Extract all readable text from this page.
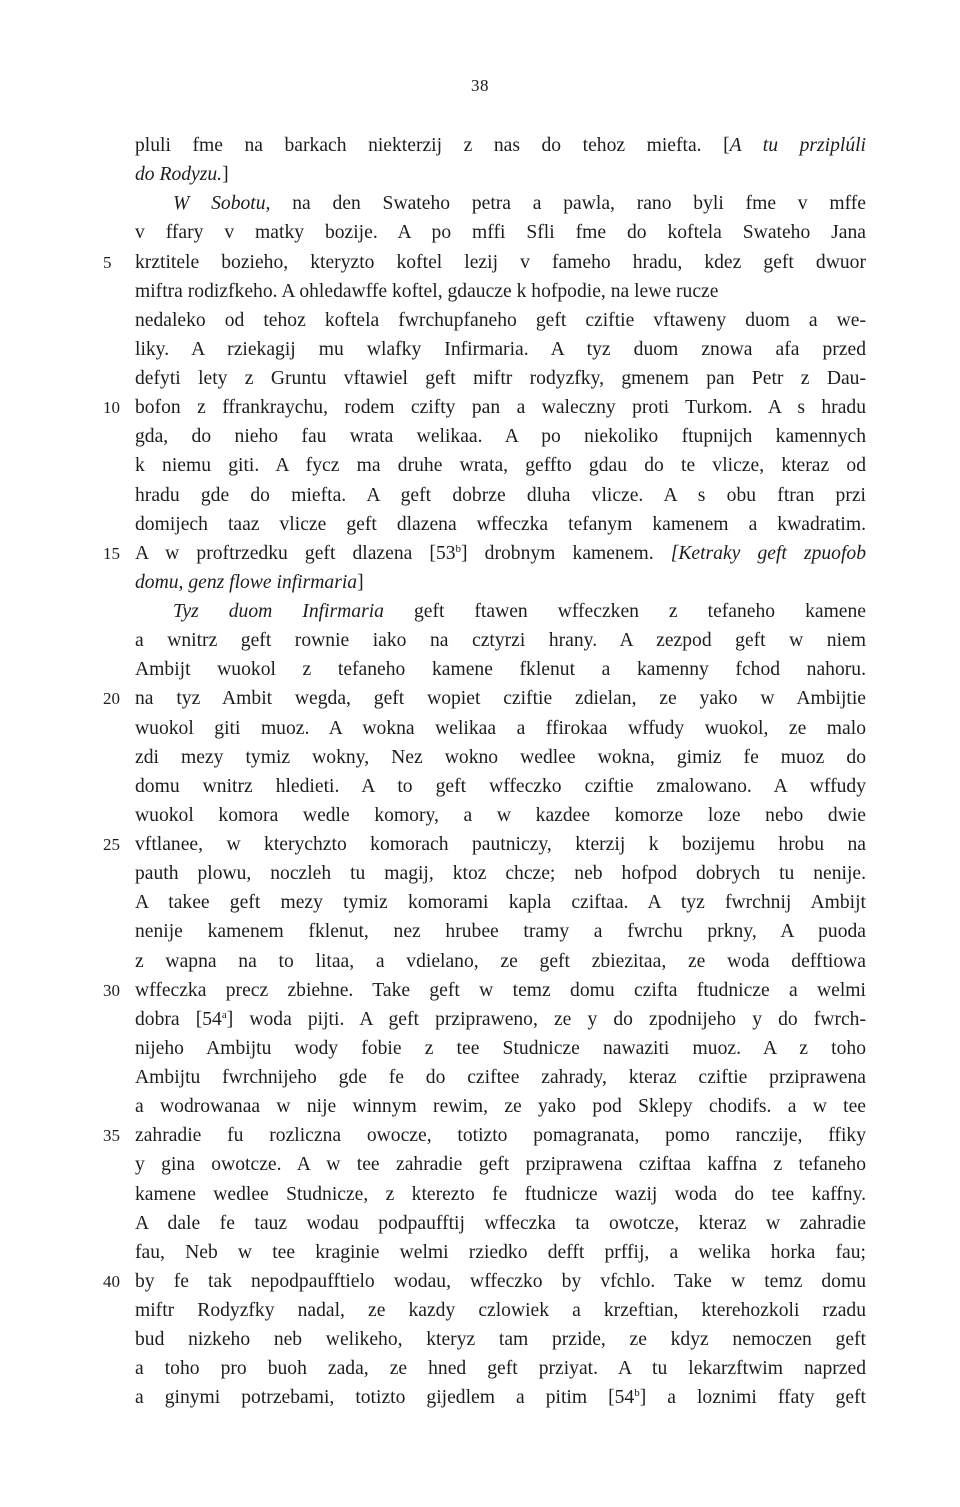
38
pluli fme na barkach niekterzij z nas do tehoz miefta. [A tu prziplúli
do Rodyzu.]
W Sobotu, na den Swateho petra a pawla, rano byli fme v mffe
v ffary v matky bozije. A po mffi Sfli fme do koftela Swateho Jana
5	krztitele bozieho, kteryzto koftel lezij v fameho hradu, kdez geft dwuor
miftra rodizfkeho. A ohledawffe koftel, gdaucze k hofpodie, na lewe rucze
nedaleko od tehoz koftela fwrchupfaneho geft cziftie vftaweny duom a we-
liky. A rziekagij mu wlafky Infirmaria. A tyz duom znowa afa przed
defyti lety z Gruntu vftawiel geft miftr rodyzfky, gmenem pan Petr z Dau-
10 bofon z ffrankraychu, rodem czifty pan a waleczny proti Turkom. A s hradu
gda, do nieho fau wrata welikaa. A po niekoliko ftupnijch kamennych
k niemu giti. A fycz ma druhe wrata, geffto gdau do te vlicze, kteraz od
hradu gde do miefta. A geft dobrze dluha vlicze. A s obu ftran przi
domijech taaz vlicze geft dlazena wffeczka tefanym kamenem a kwadratim.
15 A w proftrzedku geft dlazena [53$^b$] drobnym kamenem. [Ketraky geft zpuofob
domu, genz flowe infirmaria]
Tyz duom Infirmaria geft ftawen wffeczken z tefaneho kamene
a wnitrz geft rownie iako na cztyrzi hrany. A zezpod geft w niem
Ambijt wuokol z tefaneho kamene fklenut a kamenny fchod nahoru.
20 na tyz Ambit wegda, geft wopiet cziftie zdielan, ze yako w Ambijtie
wuokol giti muoz. A wokna welikaa a ffirokaa wffudy wuokol, ze malo
zdi mezy tymiz wokny, Nez wokno wedlee wokna, gimiz fe muoz do
domu wnitrz hledieti. A to geft wffeczko cziftie zmalowano. A wffudy
wuokol komora wedle komory, a w kazdee komorze loze nebo dwie
25 vftlanee, w kterychzto komorach pautniczy, kterzij k bozijemu hrobu na
pauth plowu, noczleh tu magij, ktoz chcze; neb hofpod dobrych tu nenije.
A takee geft mezy tymiz komorami kapla cziftaa. A tyz fwrchnij Ambijt
nenije kamenem fklenut, nez hrubee tramy a fwrchu prkny, A puoda
z wapna na to litaa, a vdielano, ze geft zbiezitaa, ze woda defftiowa
30 wffeczka precz zbiehne. Take geft w temz domu czifta ftudnicze a welmi
dobra [54$^a$] woda pijti. A geft przipraweno, ze y do zpodnijeho y do fwrch-
nijeho Ambijtu wody fobie z tee Studnicze nawaziti muoz. A z toho
Ambijtu fwrchnijeho gde fe do cziftee zahrady, kteraz cziftie prziprawena
a wodrowanaa w nije winnym rewim, ze yako pod Sklepy chodifs. a w tee
35 zahradie fu rozliczna owocze, totizto pomagranata, pomo ranczije, ffiky
y gina owotcze. A w tee zahradie geft prziprawena cziftaa kaffna z tefaneho
kamene wedlee Studnicze, z kterezto fe ftudnicze wazij woda do tee kaffny.
A dale fe tauz wodau podpaufftij wffeczka ta owotcze, kteraz w zahradie
fau, Neb w tee kraginie welmi rziedko defft prffij, a welika horka fau;
40 by fe tak nepodpaufftielo wodau, wffeczko by vfchlo. Take w temz domu
miftr Rodyzfky nadal, ze kazdy czlowiek a krzeftian, kterehozkoli rzadu
bud nizkeho neb welikeho, kteryz tam przide, ze kdyz nemoczen geft
a toho pro buoh zada, ze hned geft prziyat. A tu lekarzftwim naprzed
a ginymi potrzebami, totizto gijedlem a pitim [54$^b$] a loznimi ffaty geft
